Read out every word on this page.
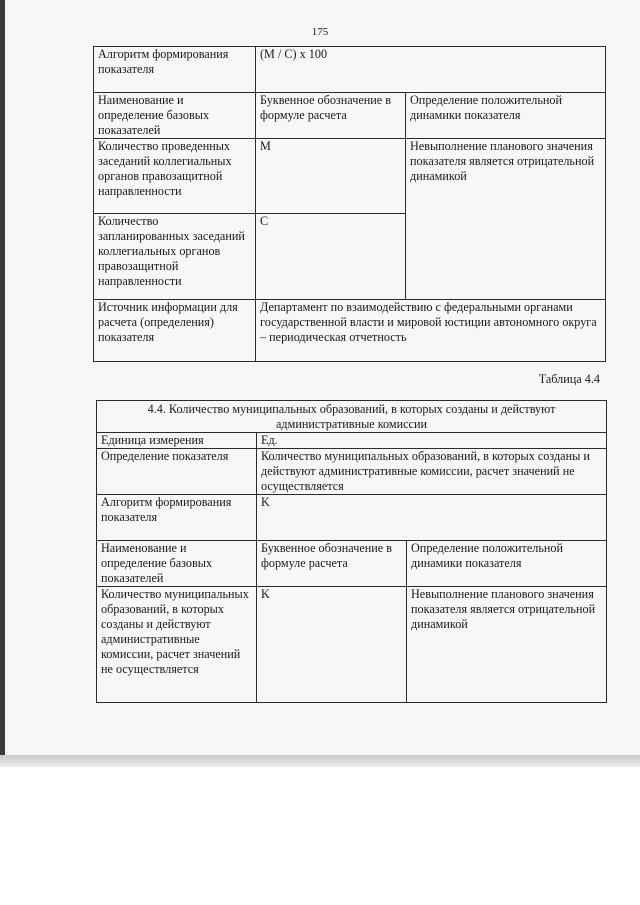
175
Алгоритм формирования показателя	(M / C) x 100	
Наименование и определение базовых показателей	Буквенное обозначение в формуле расчета	Определение положительной динамики показателя
Количество проведенных заседаний коллегиальных органов правозащитной направленности	M	Невыполнение планового значения показателя является отрицательной динамикой
Количество запланированных заседаний коллегиальных органов правозащитной направленности	C	
Источник информации для расчета (определения) показателя	Департамент по взаимодействию с федеральными органами государственной власти и мировой юстиции автономного округа – периодическая отчетность	
Таблица 4.4
4.4. Количество муниципальных образований, в которых созданы и действуют административные комиссии		
Единица измерения	Ед.	
Определение показателя	Количество муниципальных образований, в которых созданы и действуют административные комиссии, расчет значений не осуществляется	
Алгоритм формирования показателя	K	
Наименование и определение базовых показателей	Буквенное обозначение в формуле расчета	Определение положительной динамики показателя
Количество муниципальных образований, в которых созданы и действуют административные комиссии, расчет значений не осуществляется	K	Невыполнение планового значения показателя является отрицательной динамикой
